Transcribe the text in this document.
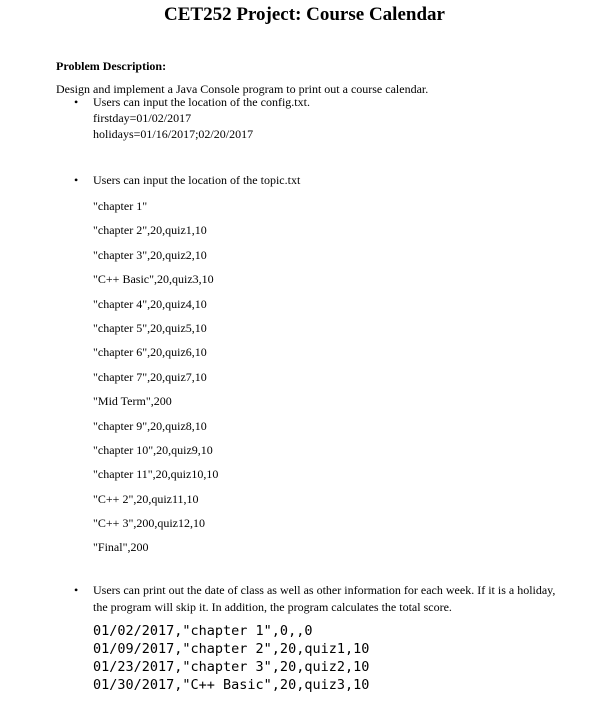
CET252 Project: Course Calendar
Problem Description:
Design and implement a Java Console program to print out a course calendar.
• Users can input the location of the config.txt.
firstday=01/02/2017
holidays=01/16/2017;02/20/2017
• Users can input the location of the topic.txt
"chapter 1"
"chapter 2",20,quiz1,10
"chapter 3",20,quiz2,10
"C++ Basic",20,quiz3,10
"chapter 4",20,quiz4,10
"chapter 5",20,quiz5,10
"chapter 6",20,quiz6,10
"chapter 7",20,quiz7,10
"Mid Term",200
"chapter 9",20,quiz8,10
"chapter 10",20,quiz9,10
"chapter 11",20,quiz10,10
"C++ 2",20,quiz11,10
"C++ 3",200,quiz12,10
"Final",200
• Users can print out the date of class as well as other information for each week. If it is a holiday, the program will skip it. In addition, the program calculates the total score.
01/02/2017,"chapter 1",0,,0
01/09/2017,"chapter 2",20,quiz1,10
01/23/2017,"chapter 3",20,quiz2,10
01/30/2017,"C++ Basic",20,quiz3,10
